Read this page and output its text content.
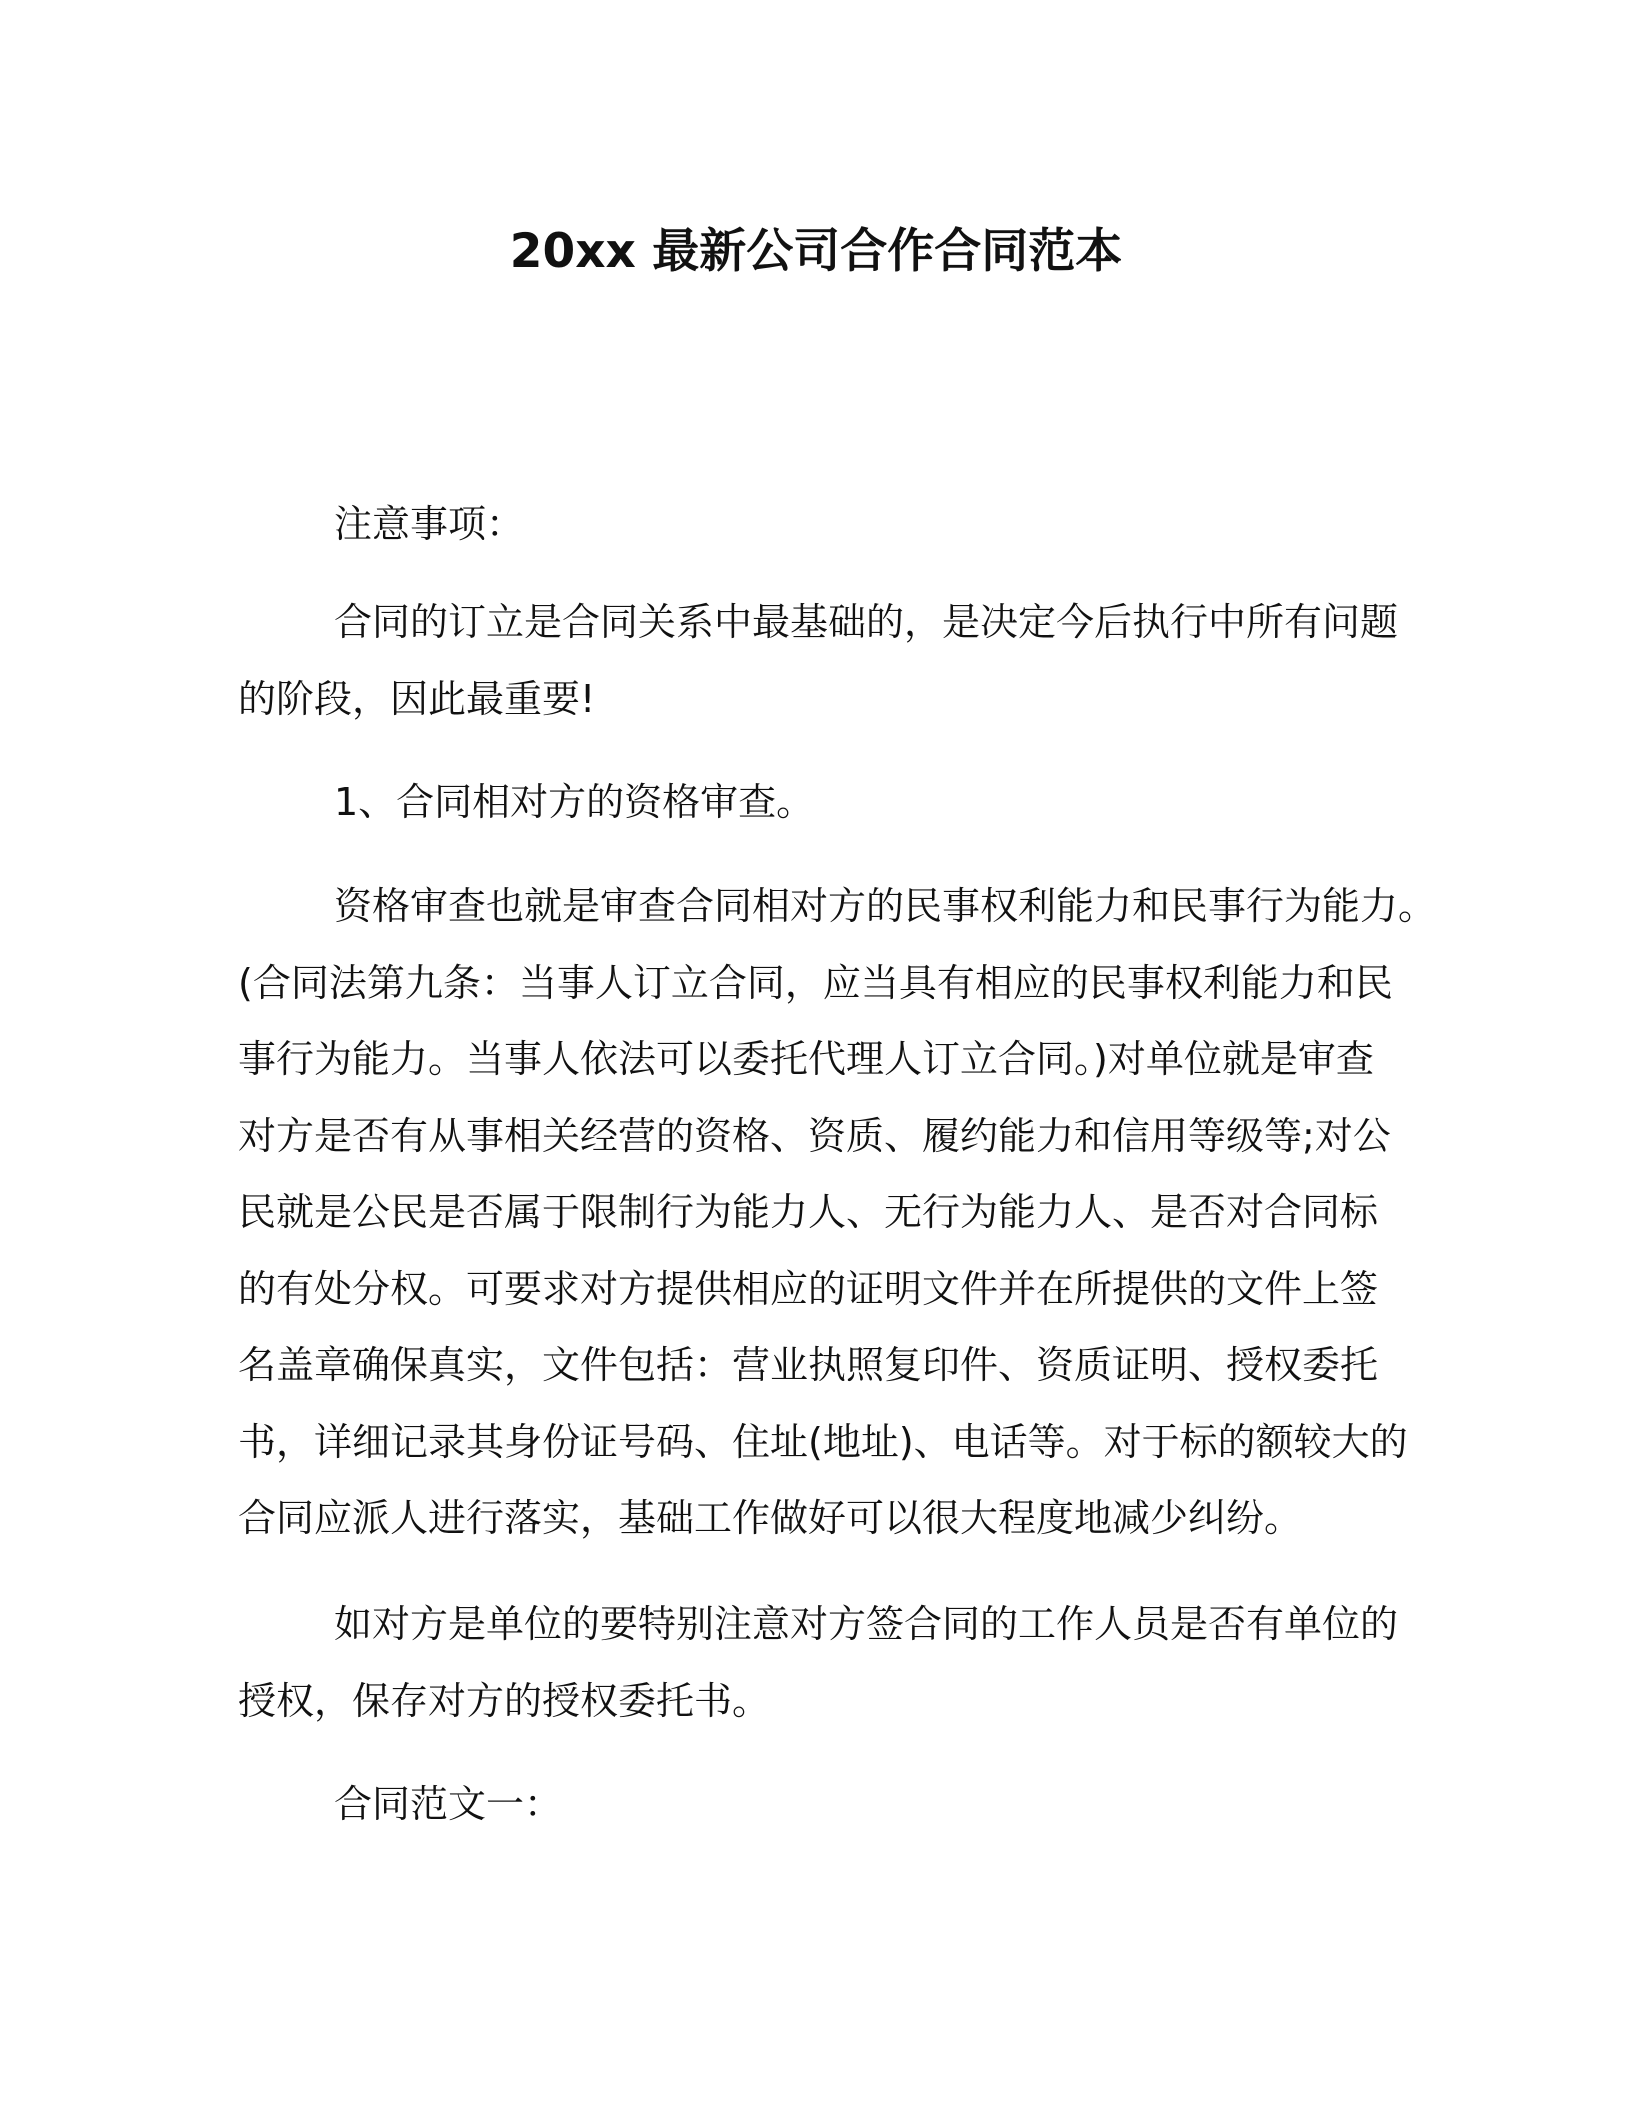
20xx 最新公司合作合同范本
注意事项：
合同的订立是合同关系中最基础的，是决定今后执行中所有问题
的阶段，因此最重要!
1、合同相对方的资格审查。
资格审查也就是审查合同相对方的民事权利能力和民事行为能力。
(合同法第九条：当事人订立合同，应当具有相应的民事权利能力和民
事行为能力。当事人依法可以委托代理人订立合同。)对单位就是审查
对方是否有从事相关经营的资格、资质、履约能力和信用等级等;对公
民就是公民是否属于限制行为能力人、无行为能力人、是否对合同标
的有处分权。可要求对方提供相应的证明文件并在所提供的文件上签
名盖章确保真实，文件包括：营业执照复印件、资质证明、授权委托
书，详细记录其身份证号码、住址(地址)、电话等。对于标的额较大的
合同应派人进行落实，基础工作做好可以很大程度地减少纠纷。
如对方是单位的要特别注意对方签合同的工作人员是否有单位的
授权，保存对方的授权委托书。
合同范文一：
